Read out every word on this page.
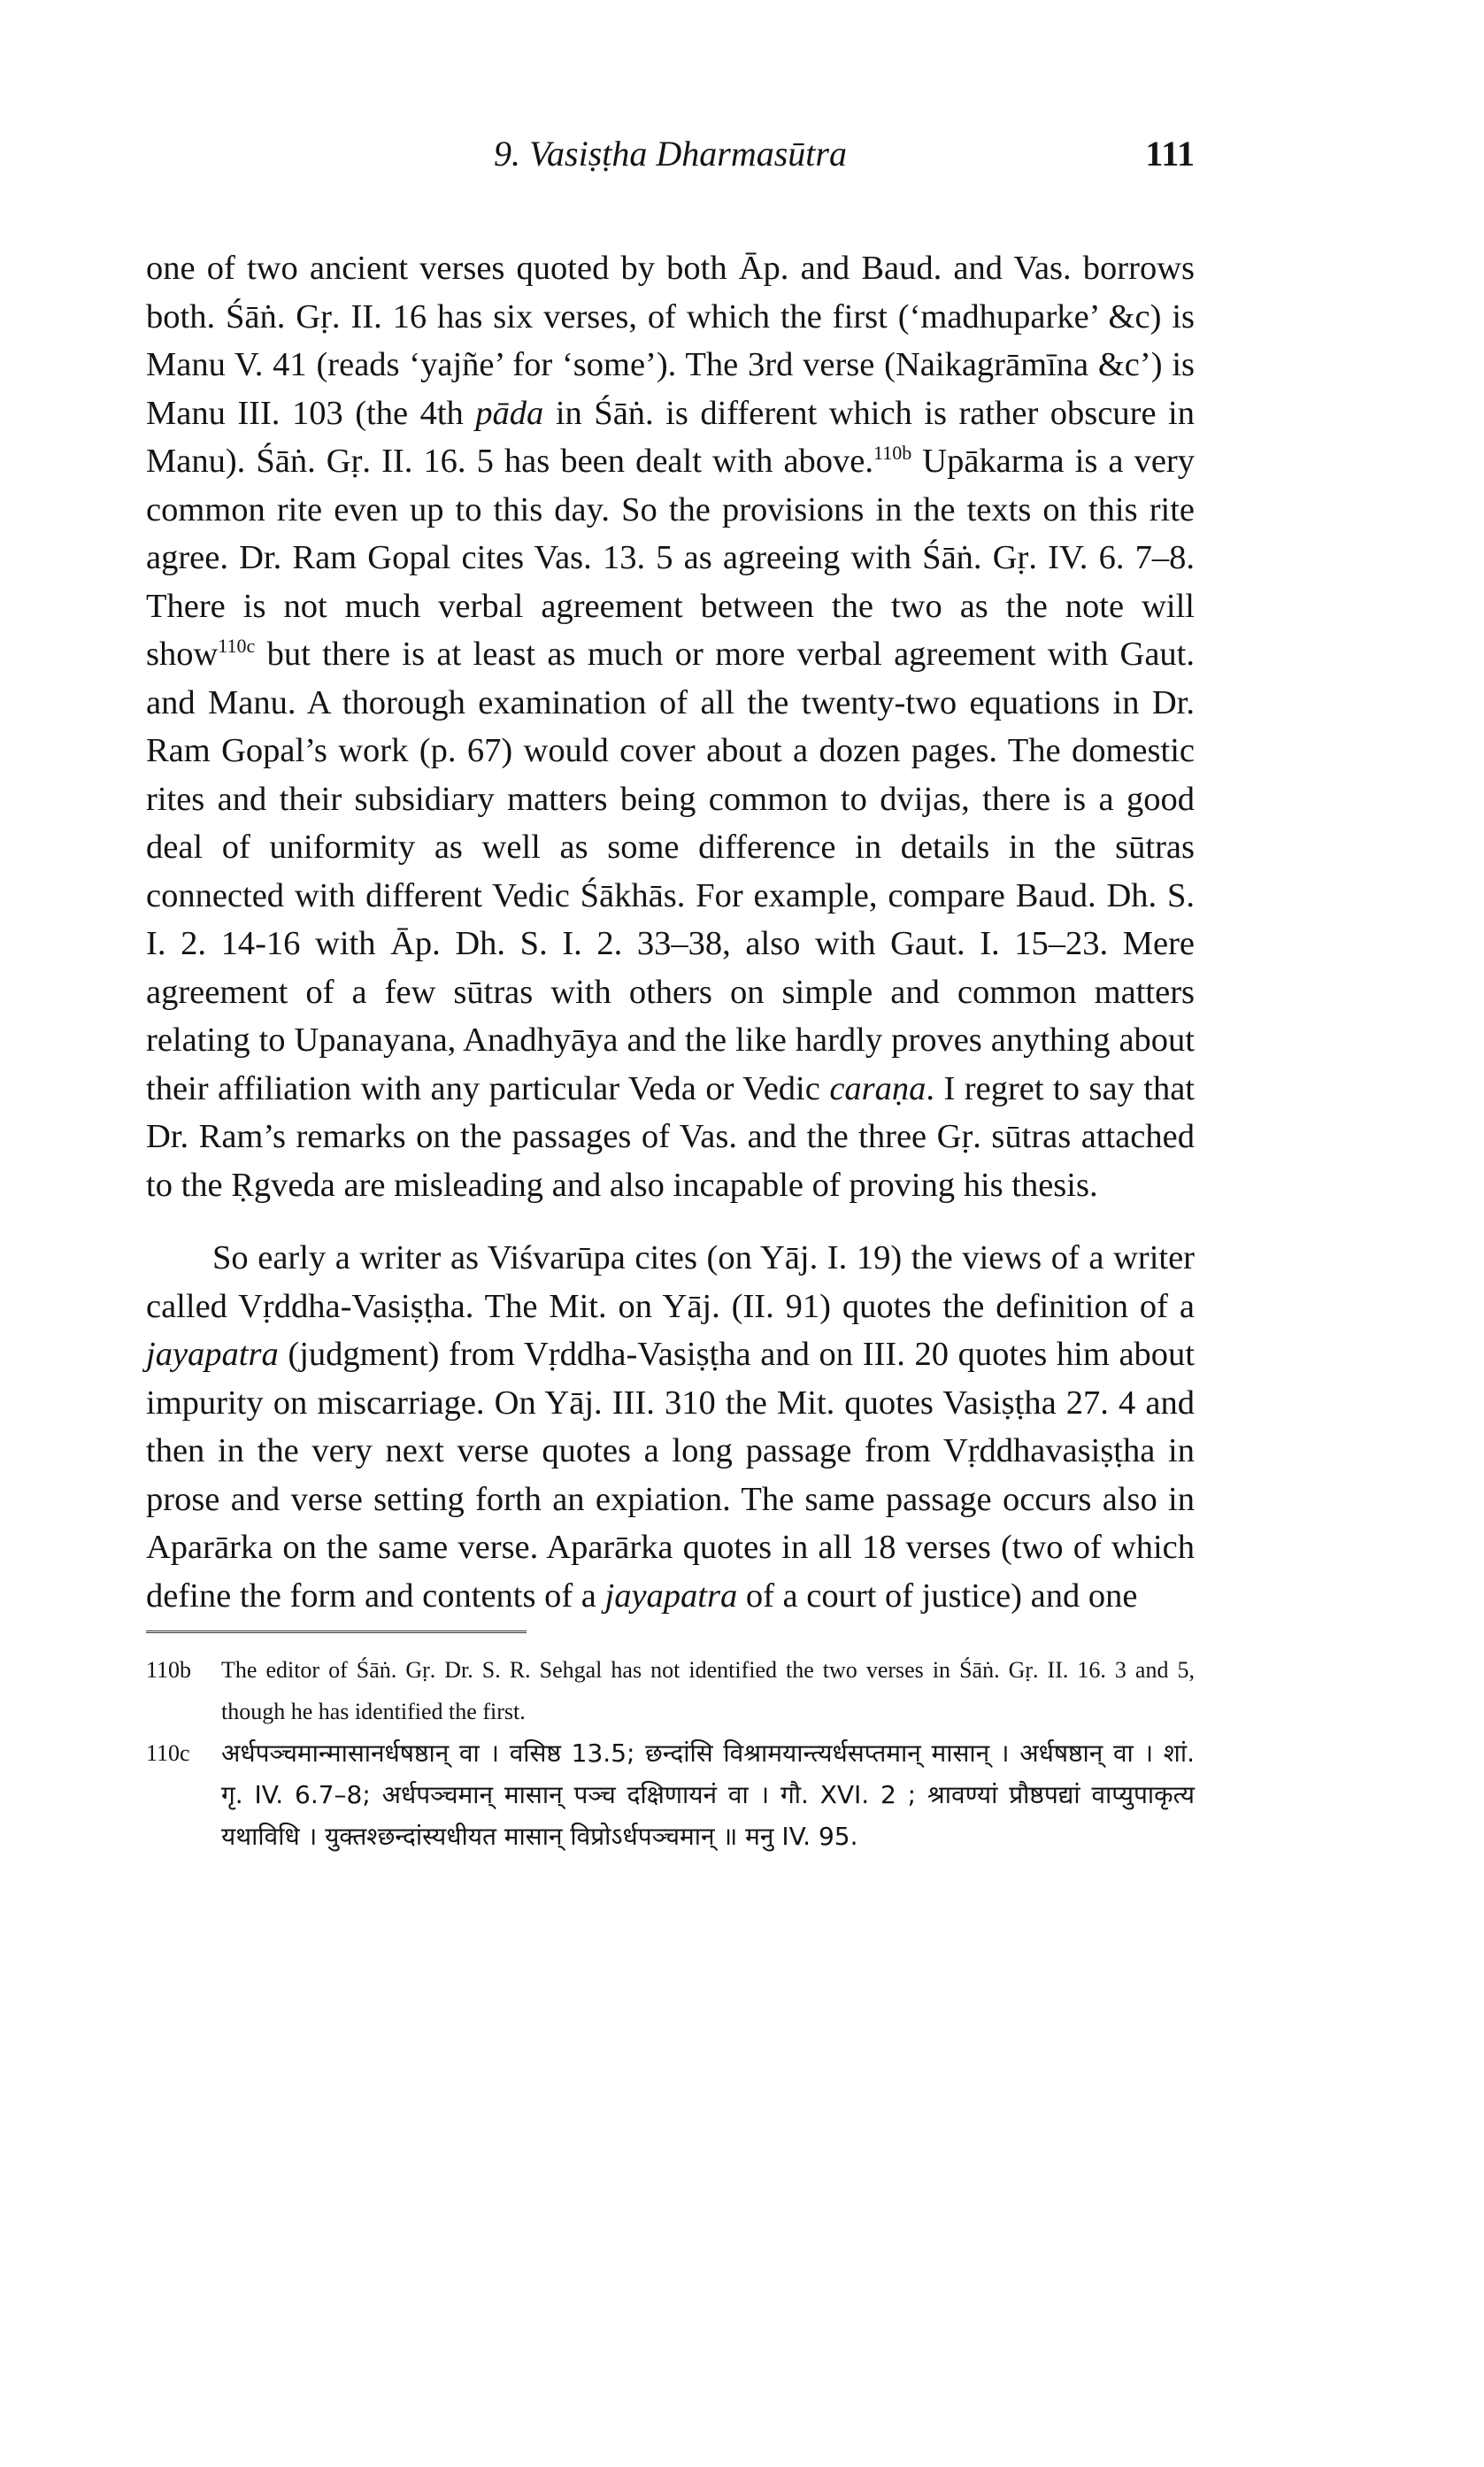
9. Vasiṣṭha Dharmasūtra	111

one of two ancient verses quoted by both Āp. and Baud. and Vas. borrows both. Śāṅ. Gṛ. II. 16 has six verses, of which the first (‘madhuparke’ &c) is Manu V. 41 (reads ‘yajñe’ for ‘some’). The 3rd verse (Naikagrāmīna &c’) is Manu III. 103 (the 4th pāda in Śāṅ. is different which is rather obscure in Manu). Śāṅ. Gṛ. II. 16. 5 has been dealt with above.$^{110b}$ Upākarma is a very common rite even up to this day. So the provisions in the texts on this rite agree. Dr. Ram Gopal cites Vas. 13. 5 as agreeing with Śāṅ. Gṛ. IV. 6. 7–8. There is not much verbal agreement between the two as the note will show$^{110c}$ but there is at least as much or more verbal agreement with Gaut. and Manu. A thorough examination of all the twenty-two equations in Dr. Ram Gopal’s work (p. 67) would cover about a dozen pages. The domestic rites and their subsidiary matters being common to dvijas, there is a good deal of uniformity as well as some difference in details in the sūtras connected with different Vedic Śākhās. For example, compare Baud. Dh. S. I. 2. 14-16 with Āp. Dh. S. I. 2. 33–38, also with Gaut. I. 15–23. Mere agreement of a few sūtras with others on simple and common matters relating to Upanayana, Anadhyāya and the like hardly proves anything about their affiliation with any particular Veda or Vedic caraṇa. I regret to say that Dr. Ram’s remarks on the passages of Vas. and the three Gṛ. sūtras attached to the Ṛgveda are misleading and also incapable of proving his thesis.

So early a writer as Viśvarūpa cites (on Yāj. I. 19) the views of a writer called Vṛddha-Vasiṣṭha. The Mit. on Yāj. (II. 91) quotes the definition of a jayapatra (judgment) from Vṛddha-Vasiṣṭha and on III. 20 quotes him about impurity on miscarriage. On Yāj. III. 310 the Mit. quotes Vasiṣṭha 27. 4 and then in the very next verse quotes a long passage from Vṛddhavasiṣṭha in prose and verse setting forth an expiation. The same passage occurs also in Aparārka on the same verse. Aparārka quotes in all 18 verses (two of which define the form and contents of a jayapatra of a court of justice) and one

110b	The editor of Śāṅ. Gṛ. Dr. S. R. Sehgal has not identified the two verses in Śāṅ. Gṛ. II. 16. 3 and 5, though he has identified the first.
110c	अर्धपञ्चमान्मासानर्धषष्ठान् वा । वसिष्ठ 13.5; छन्दांसि विश्रामयान्त्यर्धसप्तमान् मासान् । अर्धषष्ठान् वा । शां. गृ. IV. 6.7–8; अर्धपञ्चमान् मासान् पञ्च दक्षिणायनं वा । गौ. XVI. 2 ; श्रावण्यां प्रौष्ठपद्यां वाप्युपाकृत्य यथाविधि । युक्तश्छन्दांस्यधीयत मासान् विप्रोऽर्धपञ्चमान् ॥ मनु IV. 95.
